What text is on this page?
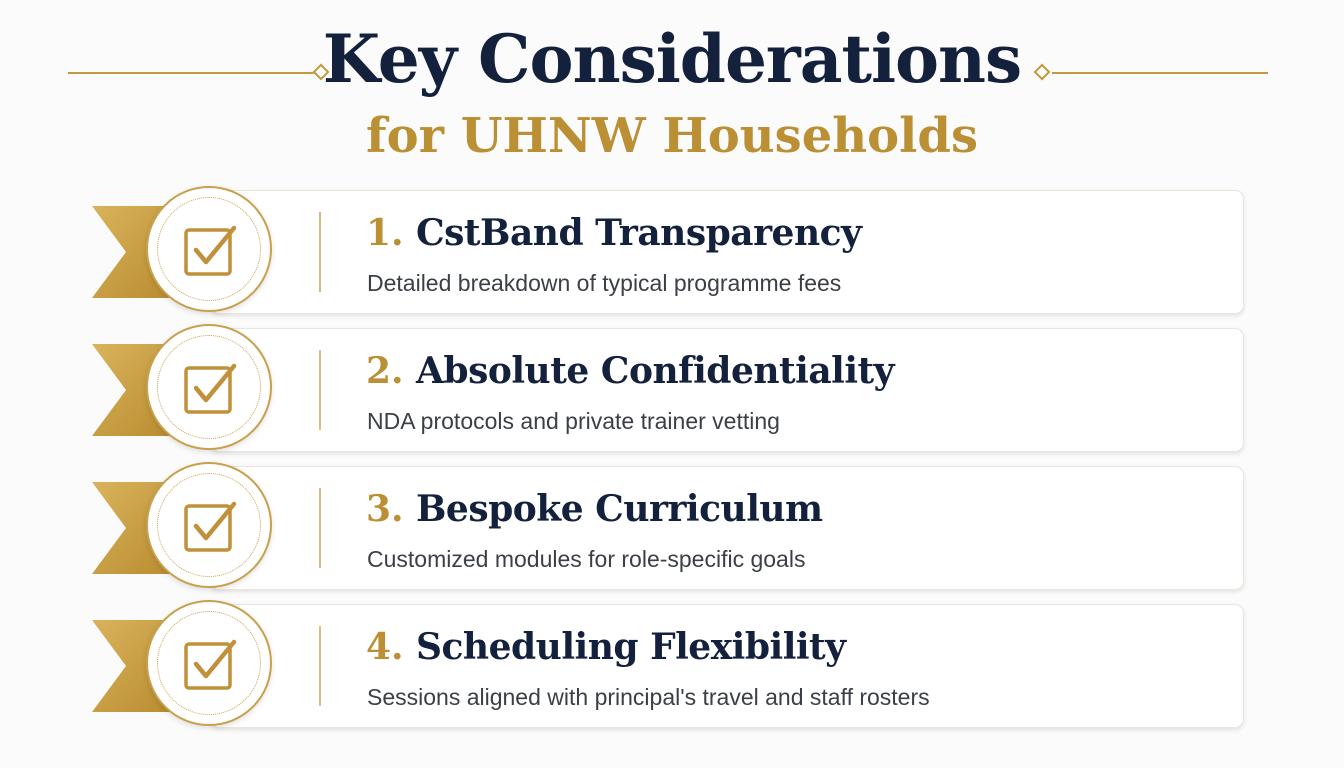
Key Considerations
for UHNW Households
1. CstBand Transparency
Detailed breakdown of typical programme fees
2. Absolute Confidentiality
NDA protocols and private trainer vetting
3. Bespoke Curriculum
Customized modules for role-specific goals
4. Scheduling Flexibility
Sessions aligned with principal's travel and staff rosters
